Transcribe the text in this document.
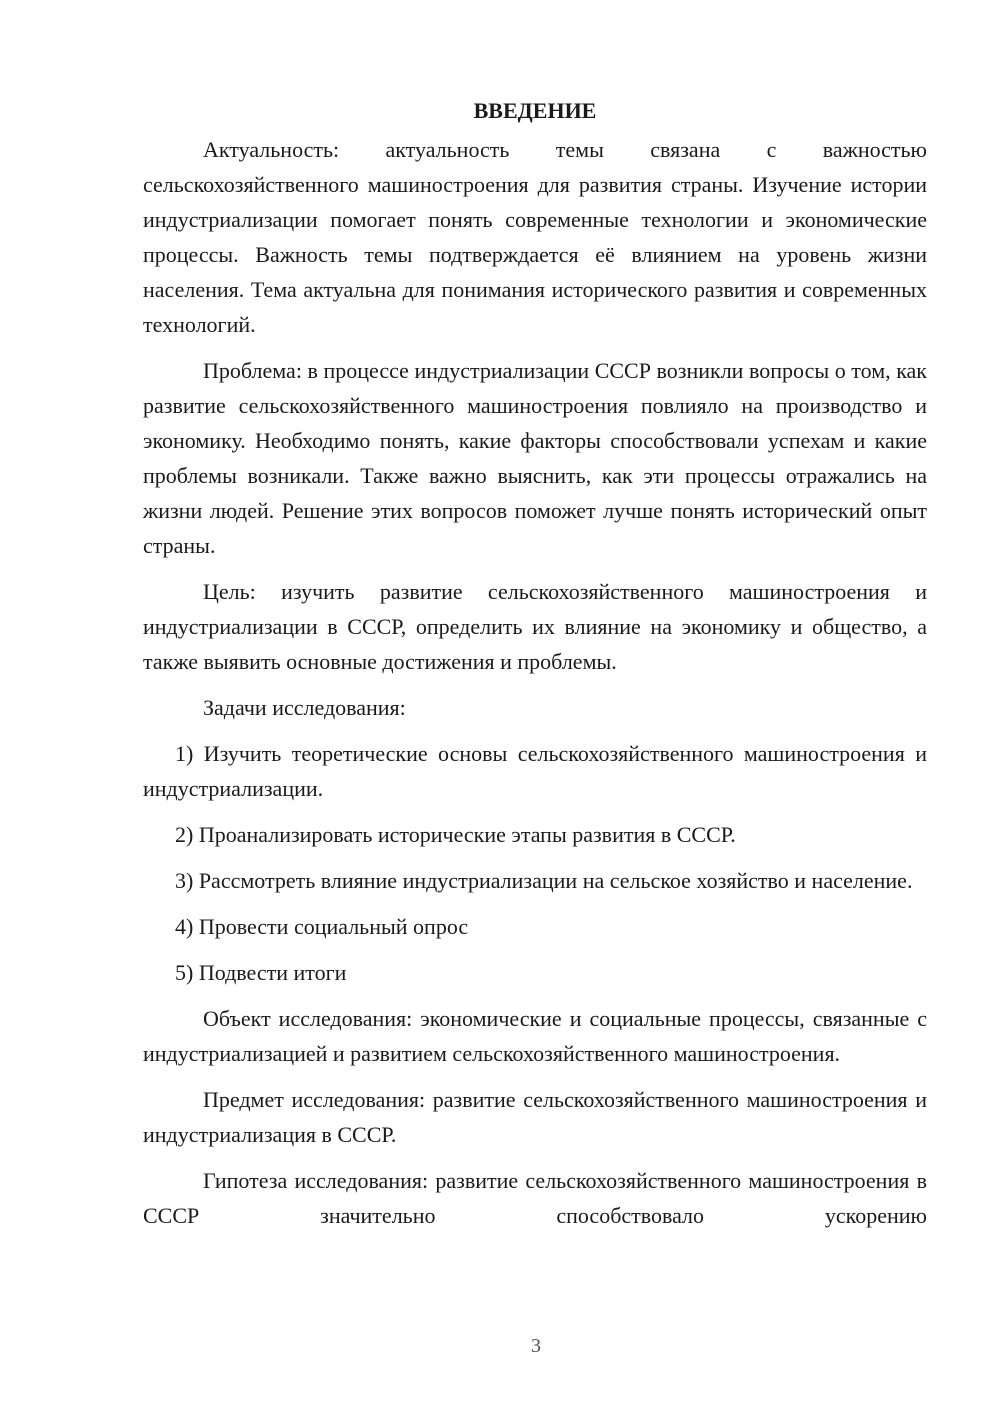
ВВЕДЕНИЕ

Актуальность: актуальность темы связана с важностью сельскохозяйственного машиностроения для развития страны. Изучение истории индустриализации помогает понять современные технологии и экономические процессы. Важность темы подтверждается её влиянием на уровень жизни населения. Тема актуальна для понимания исторического развития и современных технологий.

Проблема: в процессе индустриализации СССР возникли вопросы о том, как развитие сельскохозяйственного машиностроения повлияло на производство и экономику. Необходимо понять, какие факторы способствовали успехам и какие проблемы возникали. Также важно выяснить, как эти процессы отражались на жизни людей. Решение этих вопросов поможет лучше понять исторический опыт страны.

Цель: изучить развитие сельскохозяйственного машиностроения и индустриализации в СССР, определить их влияние на экономику и общество, а также выявить основные достижения и проблемы.

Задачи исследования:

1) Изучить теоретические основы сельскохозяйственного машиностроения и индустриализации.

2) Проанализировать исторические этапы развития в СССР.

3) Рассмотреть влияние индустриализации на сельское хозяйство и население.

4) Провести социальный опрос

5) Подвести итоги

Объект исследования: экономические и социальные процессы, связанные с индустриализацией и развитием сельскохозяйственного машиностроения.

Предмет исследования: развитие сельскохозяйственного машиностроения и индустриализация в СССР.

Гипотеза исследования: развитие сельскохозяйственного машиностроения в СССР значительно способствовало ускорению

3
